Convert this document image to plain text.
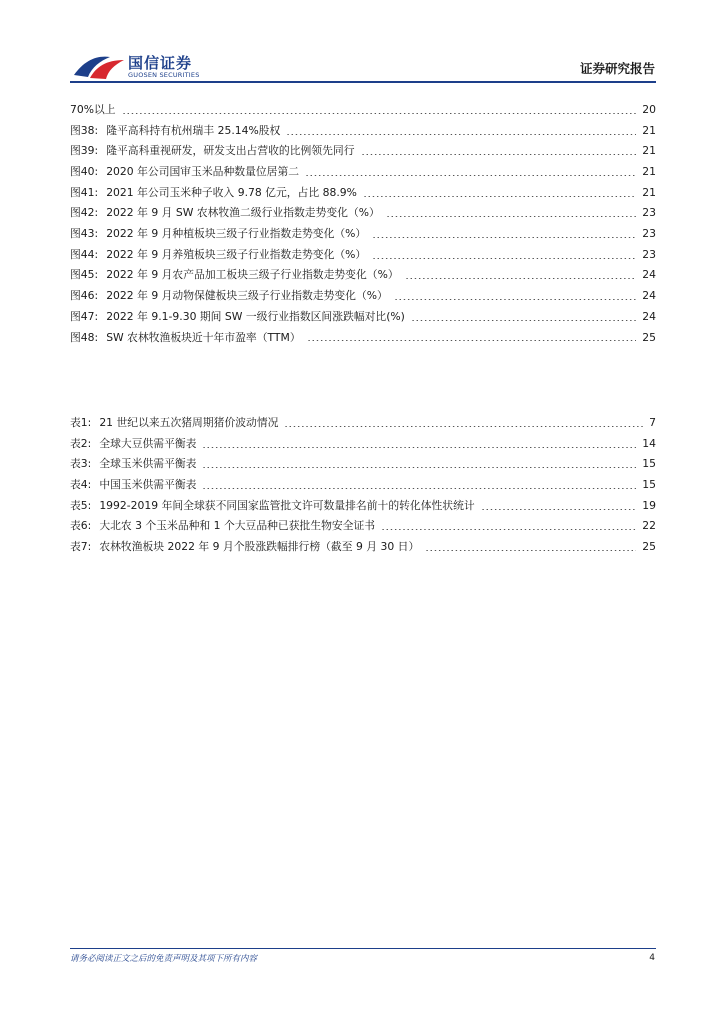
国信证券
GUOSEN SECURITIES	证券研究报告
70%以上	20
图38: 隆平高科持有杭州瑞丰 25.14%股权	21
图39: 隆平高科重视研发，研发支出占营收的比例领先同行	21
图40: 2020 年公司国审玉米品种数量位居第二	21
图41: 2021 年公司玉米种子收入 9.78 亿元，占比 88.9%	21
图42: 2022 年 9 月 SW 农林牧渔二级行业指数走势变化（%）	23
图43: 2022 年 9 月种植板块三级子行业指数走势变化（%）	23
图44: 2022 年 9 月养殖板块三级子行业指数走势变化（%）	23
图45: 2022 年 9 月农产品加工板块三级子行业指数走势变化（%）	24
图46: 2022 年 9 月动物保健板块三级子行业指数走势变化（%）	24
图47: 2022 年 9.1-9.30 期间 SW 一级行业指数区间涨跌幅对比(%)	24
图48: SW 农林牧渔板块近十年市盈率（TTM）	25
表1: 21 世纪以来五次猪周期猪价波动情况	7
表2: 全球大豆供需平衡表	14
表3: 全球玉米供需平衡表	15
表4: 中国玉米供需平衡表	15
表5: 1992-2019 年间全球获不同国家监管批文许可数量排名前十的转化体性状统计	19
表6: 大北农 3 个玉米品种和 1 个大豆品种已获批生物安全证书	22
表7: 农林牧渔板块 2022 年 9 月个股涨跌幅排行榜（截至 9 月 30 日）	25
请务必阅读正文之后的免责声明及其项下所有内容	4
